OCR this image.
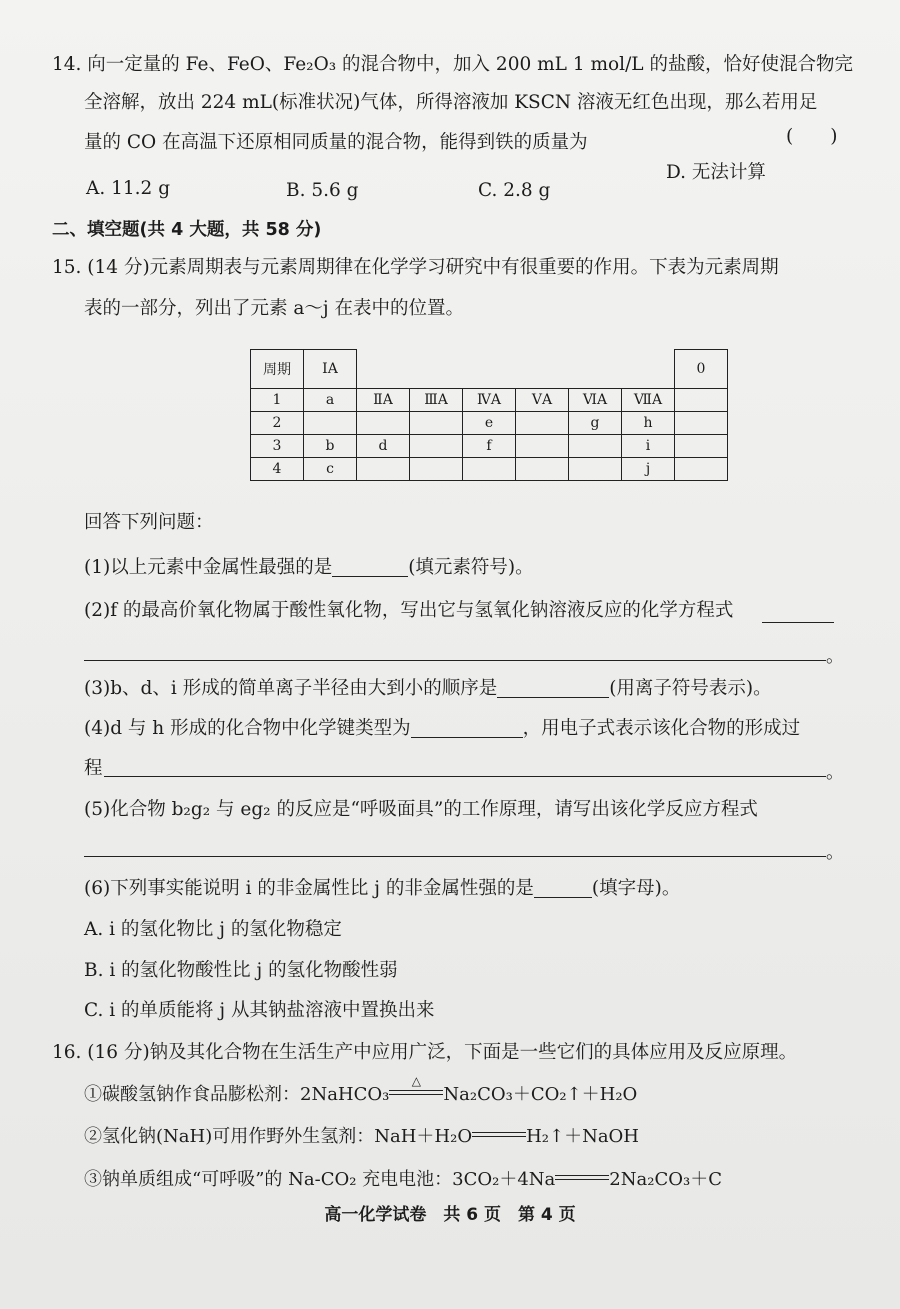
14. 向一定量的 Fe、FeO、Fe₂O₃ 的混合物中，加入 200 mL 1 mol/L 的盐酸，恰好使混合物完
全溶解，放出 224 mL(标准状况)气体，所得溶液加 KSCN 溶液无红色出现，那么若用足
量的 CO 在高温下还原相同质量的混合物，能得到铁的质量为	(　　)
A. 11.2 g	B. 5.6 g	C. 2.8 g
D. 无法计算
二、填空题(共 4 大题，共 58 分)
15. (14 分)元素周期表与元素周期律在化学学习研究中有很重要的作用。下表为元素周期
表的一部分，列出了元素 a～j 在表中的位置。
周期	IA							0
1	a	ⅡA	ⅢA	ⅣA	ⅤA	ⅥA	ⅦA	
2				e		g	h	
3	b	d		f			i	
4	c						j	
回答下列问题：
(1)以上元素中金属性最强的是	(填元素符号)。
(2)f 的最高价氧化物属于酸性氧化物，写出它与氢氧化钠溶液反应的化学方程式
。
(3)b、d、i 形成的简单离子半径由大到小的顺序是	(用离子符号表示)。
(4)d 与 h 形成的化合物中化学键类型为	，用电子式表示该化合物的形成过
程	。
(5)化合物 b₂g₂ 与 eg₂ 的反应是“呼吸面具”的工作原理，请写出该化学反应方程式
。
(6)下列事实能说明 i 的非金属性比 j 的非金属性强的是	(填字母)。
A. i 的氢化物比 j 的氢化物稳定
B. i 的氢化物酸性比 j 的氢化物酸性弱
C. i 的单质能将 j 从其钠盐溶液中置换出来
16. (16 分)钠及其化合物在生活生产中应用广泛，下面是一些它们的具体应用及反应原理。
①碳酸氢钠作食品膨松剂：2NaHCO₃
△
Na₂CO₃＋CO₂↑＋H₂O
②氢化钠(NaH)可用作野外生氢剂：NaH＋H₂O	H₂↑＋NaOH
③钠单质组成“可呼吸”的 Na-CO₂ 充电电池：3CO₂＋4Na	2Na₂CO₃＋C
高一化学试卷　共 6 页　第 4 页
